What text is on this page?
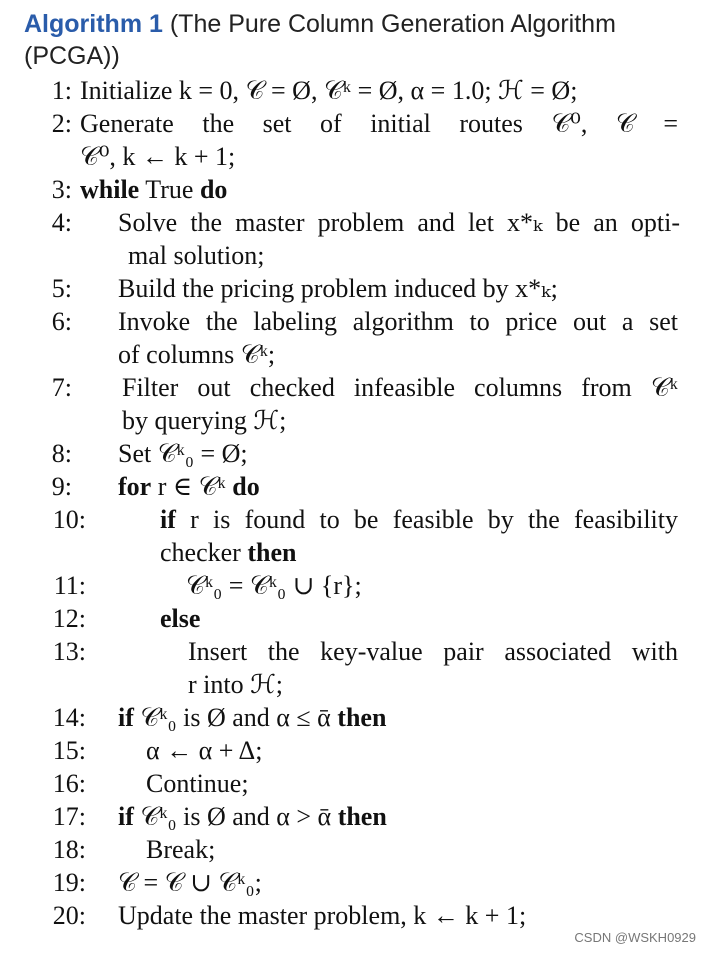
Algorithm 1 (The Pure Column Generation Algorithm
(PCGA))
1: Initialize k = 0, 𝒞 = Ø, 𝒞ᵏ = Ø, α = 1.0; ℋ = Ø;
2: Generate the set of initial routes 𝒞⁰, 𝒞 =
𝒞⁰, k ← k + 1;
3: while True do
4: Solve the master problem and let x*ₖ be an opti-
mal solution;
5: Build the pricing problem induced by x*ₖ;
6: Invoke the labeling algorithm to price out a set
of columns 𝒞ᵏ;
7: Filter out checked infeasible columns from 𝒞ᵏ
by querying ℋ;
8: Set 𝒞ᵏ₀ = Ø;
9: for r ∈ 𝒞ᵏ do
10:	if r is found to be feasible by the feasibility
checker then
11:	𝒞ᵏ₀ = 𝒞ᵏ₀ ∪ {r};
12:	else
13:	Insert the key-value pair associated with
r into ℋ;
14: if 𝒞ᵏ₀ is Ø and α ≤ ᾱ then
15: α ← α + Δ;
16: Continue;
17: if 𝒞ᵏ₀ is Ø and α > ᾱ then
18: Break;
19: 𝒞 = 𝒞 ∪ 𝒞ᵏ₀;
20: Update the master problem, k ← k + 1;
CSDN @WSKH0929
